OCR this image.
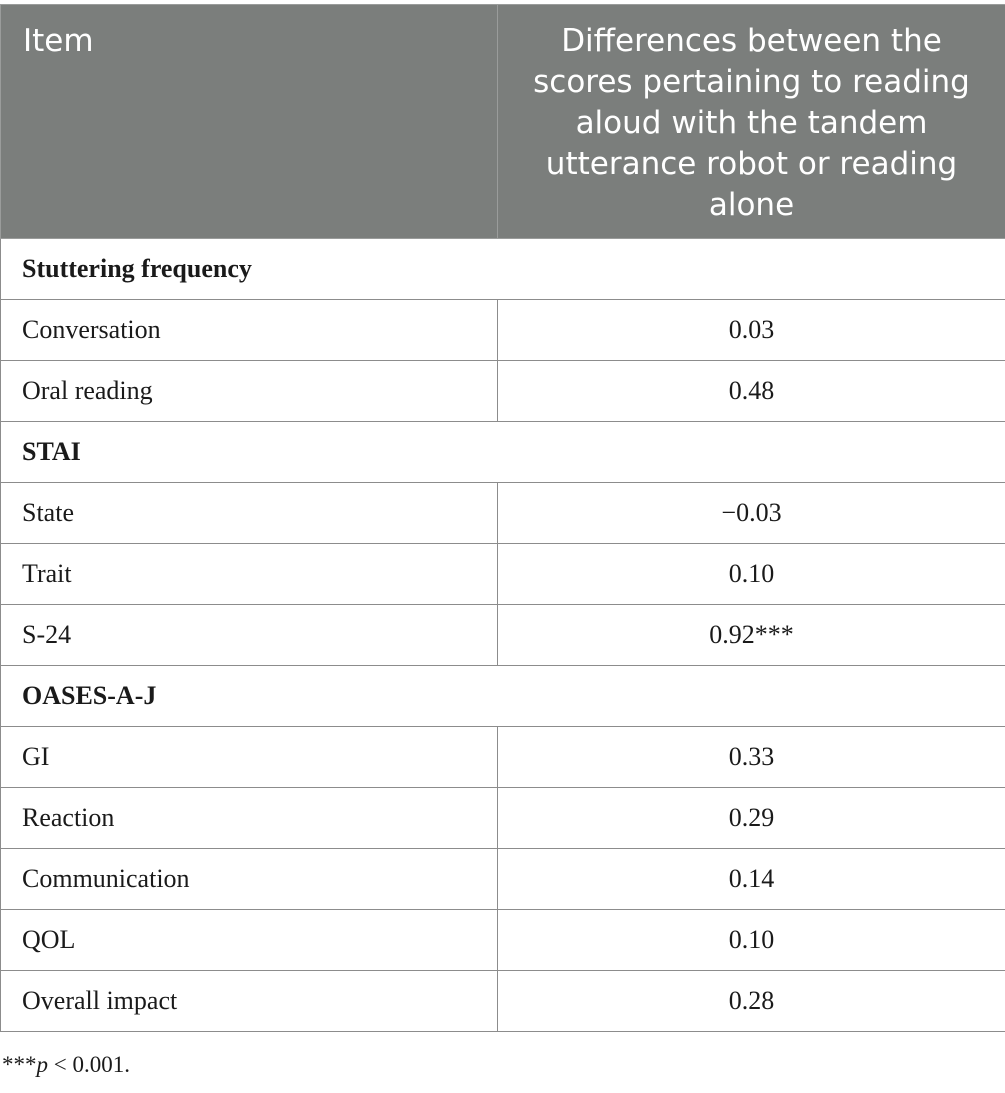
Item	Differences between the scores pertaining to reading aloud with the tandem utterance robot or reading alone
Stuttering frequency	
Conversation	0.03
Oral reading	0.48
STAI	
State	−0.03
Trait	0.10
S-24	0.92***
OASES-A-J	
GI	0.33
Reaction	0.29
Communication	0.14
QOL	0.10
Overall impact	0.28
***p < 0.001.
